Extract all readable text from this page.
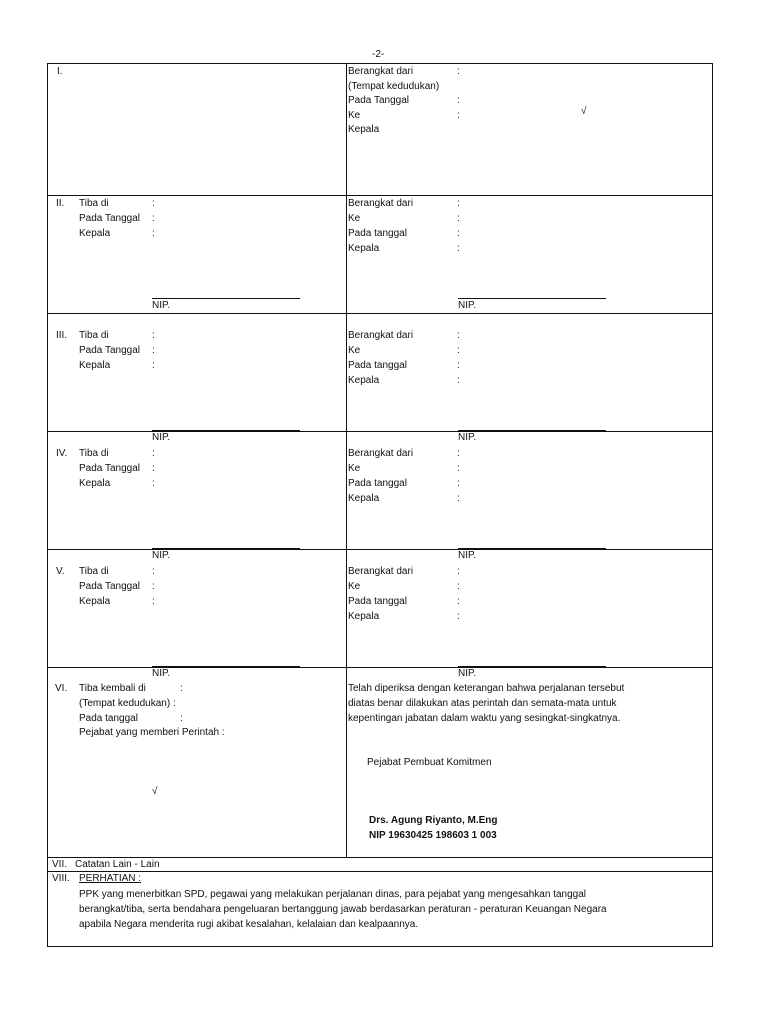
-2-
I.	Berangkat dari	:
(Tempat kedudukan)
Pada Tanggal	:
Ke	:	√
Kepala
II. Tiba di	:
Pada Tanggal :
Kepala	:
Berangkat dari	:
Ke	:
Pada tanggal	:
Kepala	:
NIP.	NIP.
III. Tiba di	:
Pada Tanggal :
Kepala	:
Berangkat dari	:
Ke	:
Pada tanggal	:
Kepala	:
NIP.	NIP.
IV. Tiba di	:
Pada Tanggal :
Kepala	:
Berangkat dari	:
Ke	:
Pada tanggal	:
Kepala	:
NIP.	NIP.
V. Tiba di	:
Pada Tanggal :
Kepala	:
Berangkat dari	:
Ke	:
Pada tanggal	:
Kepala	:
NIP.	NIP.
VI. Tiba kembali di	:
(Tempat kedudukan) :
Pada tanggal	:
Pejabat yang memberi Perintah :
√
Telah diperiksa dengan keterangan bahwa perjalanan tersebut
diatas benar dilakukan atas perintah dan semata-mata untuk
kepentingan jabatan dalam waktu yang sesingkat-singkatnya.
Pejabat Pembuat Komitmen
Drs. Agung Riyanto, M.Eng
NIP 19630425 198603 1 003
VII. Catatan Lain - Lain
VIII. PERHATIAN :
PPK yang menerbitkan SPD, pegawai yang melakukan perjalanan dinas, para pejabat yang mengesahkan tanggal
berangkat/tiba, serta bendahara pengeluaran bertanggung jawab berdasarkan peraturan - peraturan Keuangan Negara
apabila Negara menderita rugi akibat kesalahan, kelalaian dan kealpaannya.
